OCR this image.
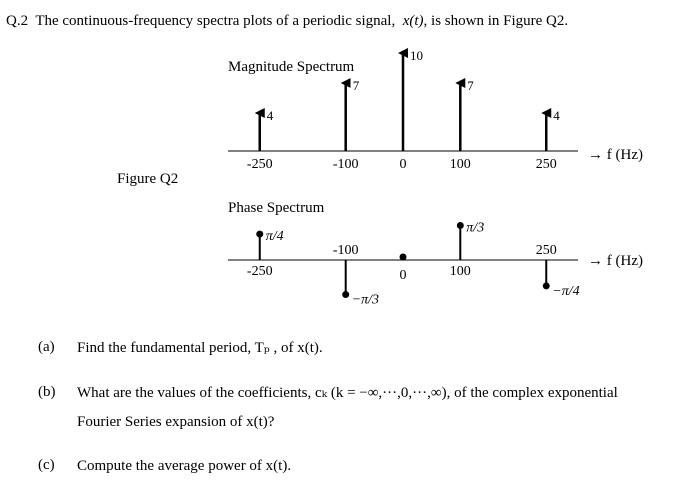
Q.2 The continuous-frequency spectra plots of a periodic signal, x(t), is shown in Figure Q2.
Figure Q2
Magnitude Spectrum
→ f (Hz)
4
7
10
7
4
-250	-100	0	100	250
Phase Spectrum
→ f (Hz)
π/4
−π/3
π/3
−π/4
-250
-100
0	100
250
(a) Find the fundamental period, Tₚ , of x(t).
(b) What are the values of the coefficients, cₖ (k = −∞,···,0,···,∞), of the complex exponential
Fourier Series expansion of x(t)?
(c) Compute the average power of x(t).
